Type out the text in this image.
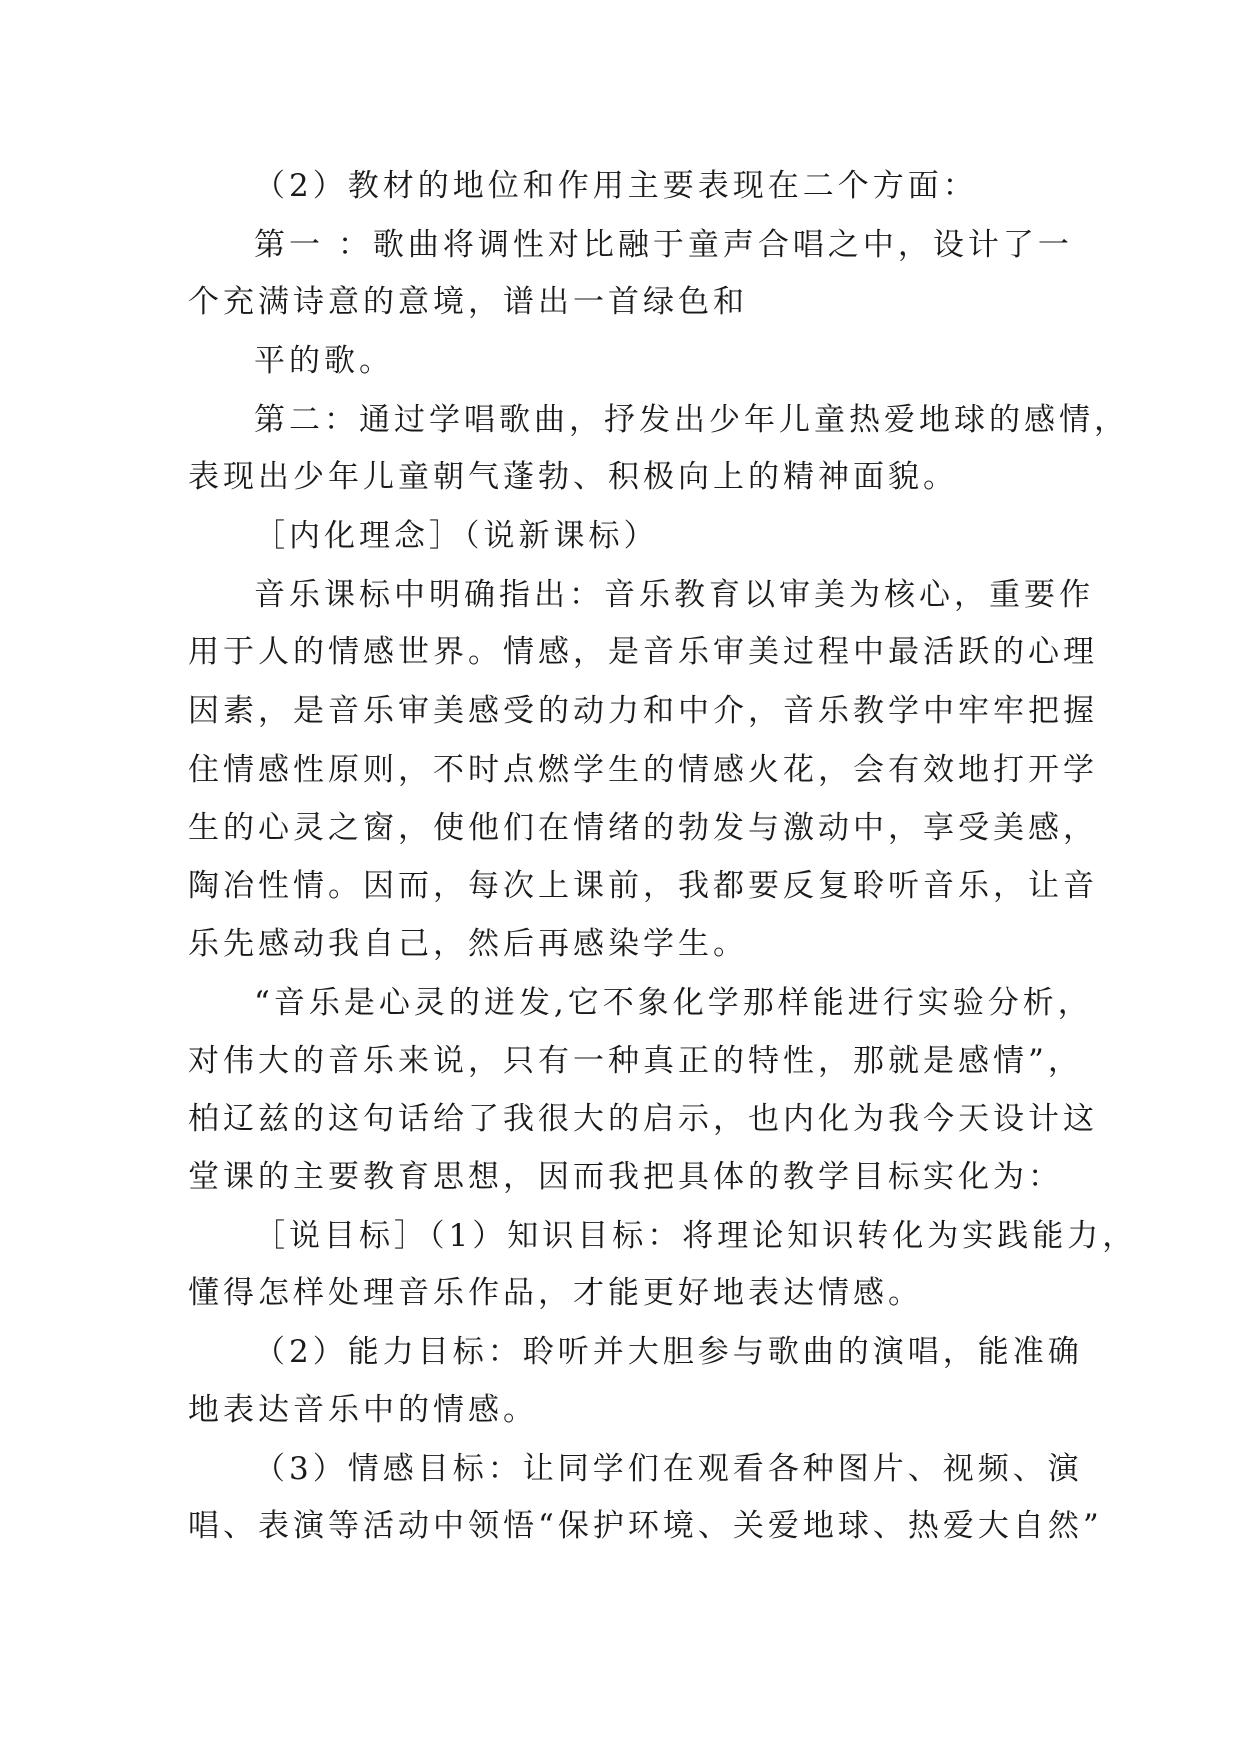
（2）教材的地位和作用主要表现在二个方面：
第一 ：歌曲将调性对比融于童声合唱之中，设计了一
个充满诗意的意境，谱出一首绿色和
平的歌。
第二：通过学唱歌曲，抒发出少年儿童热爱地球的感情，
表现出少年儿童朝气蓬勃、积极向上的精神面貌。
［内化理念］（说新课标）
音乐课标中明确指出：音乐教育以审美为核心，重要作
用于人的情感世界。情感，是音乐审美过程中最活跃的心理
因素，是音乐审美感受的动力和中介，音乐教学中牢牢把握
住情感性原则，不时点燃学生的情感火花，会有效地打开学
生的心灵之窗，使他们在情绪的勃发与激动中，享受美感，
陶冶性情。因而，每次上课前，我都要反复聆听音乐，让音
乐先感动我自己，然后再感染学生。
“音乐是心灵的迸发,它不象化学那样能进行实验分析，
对伟大的音乐来说，只有一种真正的特性，那就是感情”，
柏辽兹的这句话给了我很大的启示，也内化为我今天设计这
堂课的主要教育思想，因而我把具体的教学目标实化为：
［说目标］（1）知识目标：将理论知识转化为实践能力，
懂得怎样处理音乐作品，才能更好地表达情感。
（2）能力目标：聆听并大胆参与歌曲的演唱，能准确
地表达音乐中的情感。
（3）情感目标：让同学们在观看各种图片、视频、演
唱、表演等活动中领悟“保护环境、关爱地球、热爱大自然”
